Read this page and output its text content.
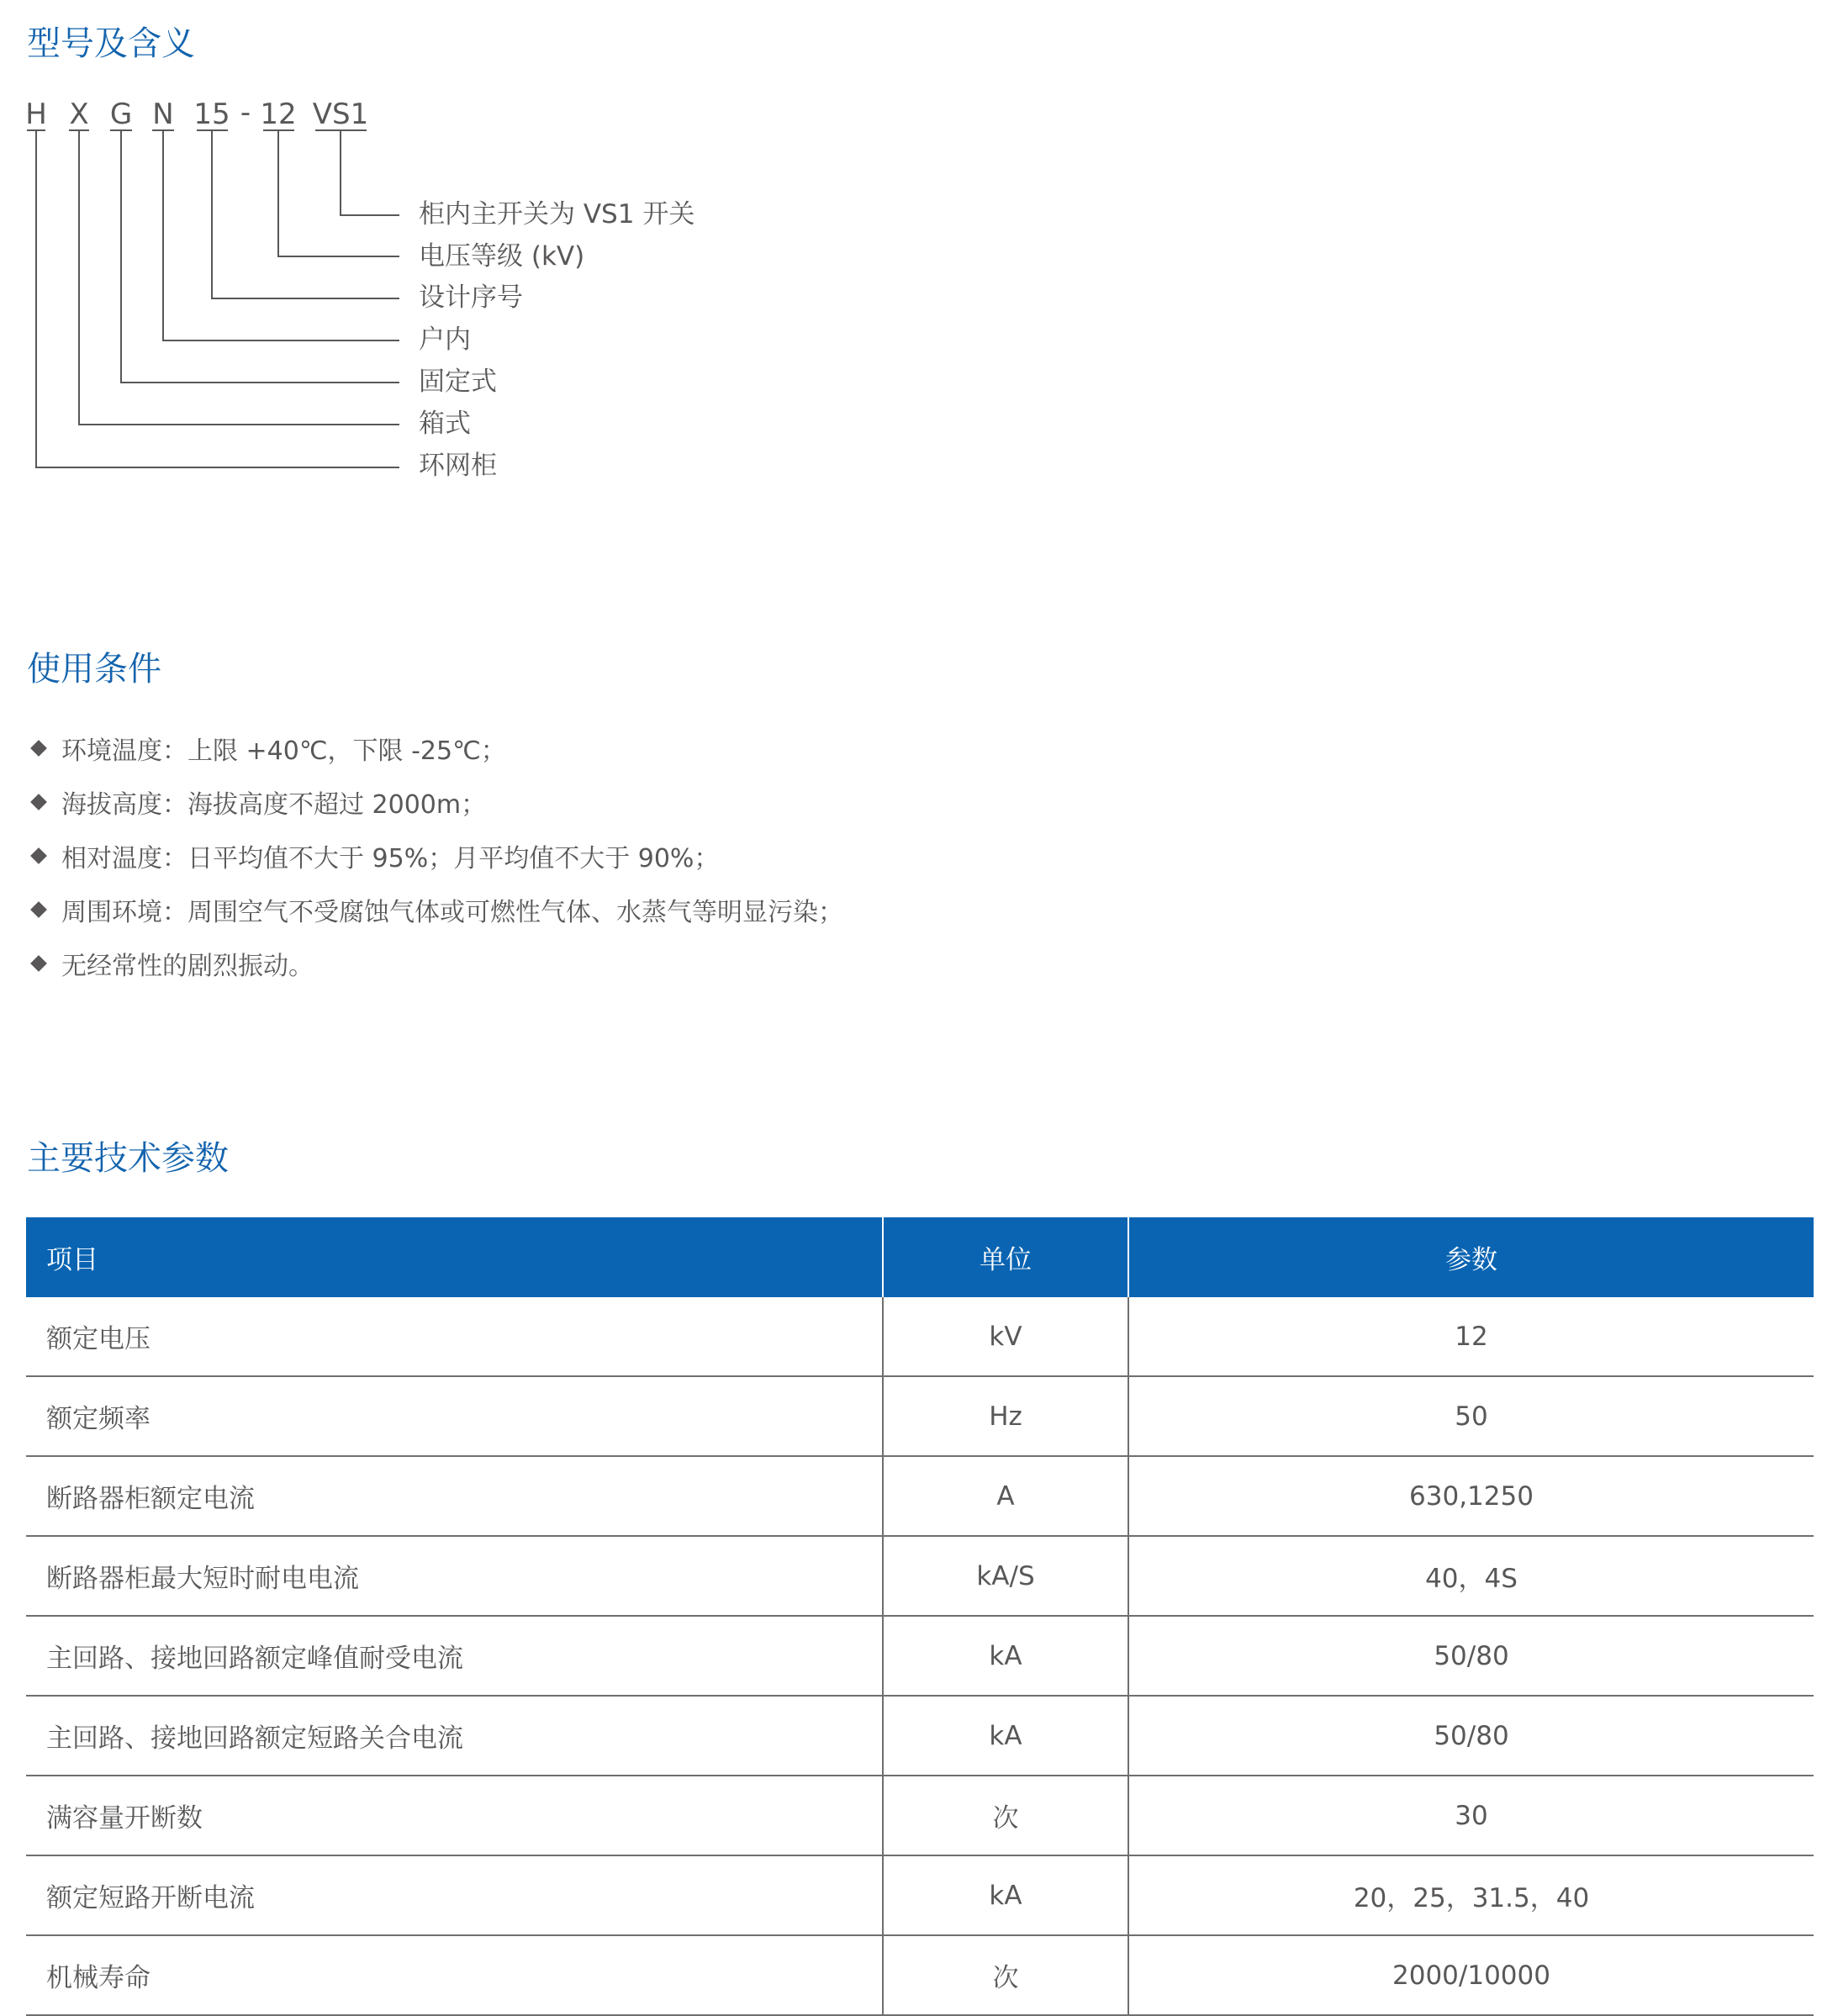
型号及含义
H X G N 15 - 12 VS1
柜内主开关为 VS1 开关
电压等级 (kV)
设计序号
户内
固定式
箱式
环网柜
使用条件
环境温度：上限 +40℃，下限 -25℃；
海拔高度：海拔高度不超过 2000m；
相对温度：日平均值不大于 95%；月平均值不大于 90%；
周围环境：周围空气不受腐蚀气体或可燃性气体、水蒸气等明显污染；
无经常性的剧烈振动。
主要技术参数
项目	单位	参数
额定电压	kV	12
额定频率	Hz	50
断路器柜额定电流	A	630,1250
断路器柜最大短时耐电电流	kA/S	40，4S
主回路、接地回路额定峰值耐受电流	kA	50/80
主回路、接地回路额定短路关合电流	kA	50/80
满容量开断数	次	30
额定短路开断电流	kA	20，25，31.5，40
机械寿命	次	2000/10000
